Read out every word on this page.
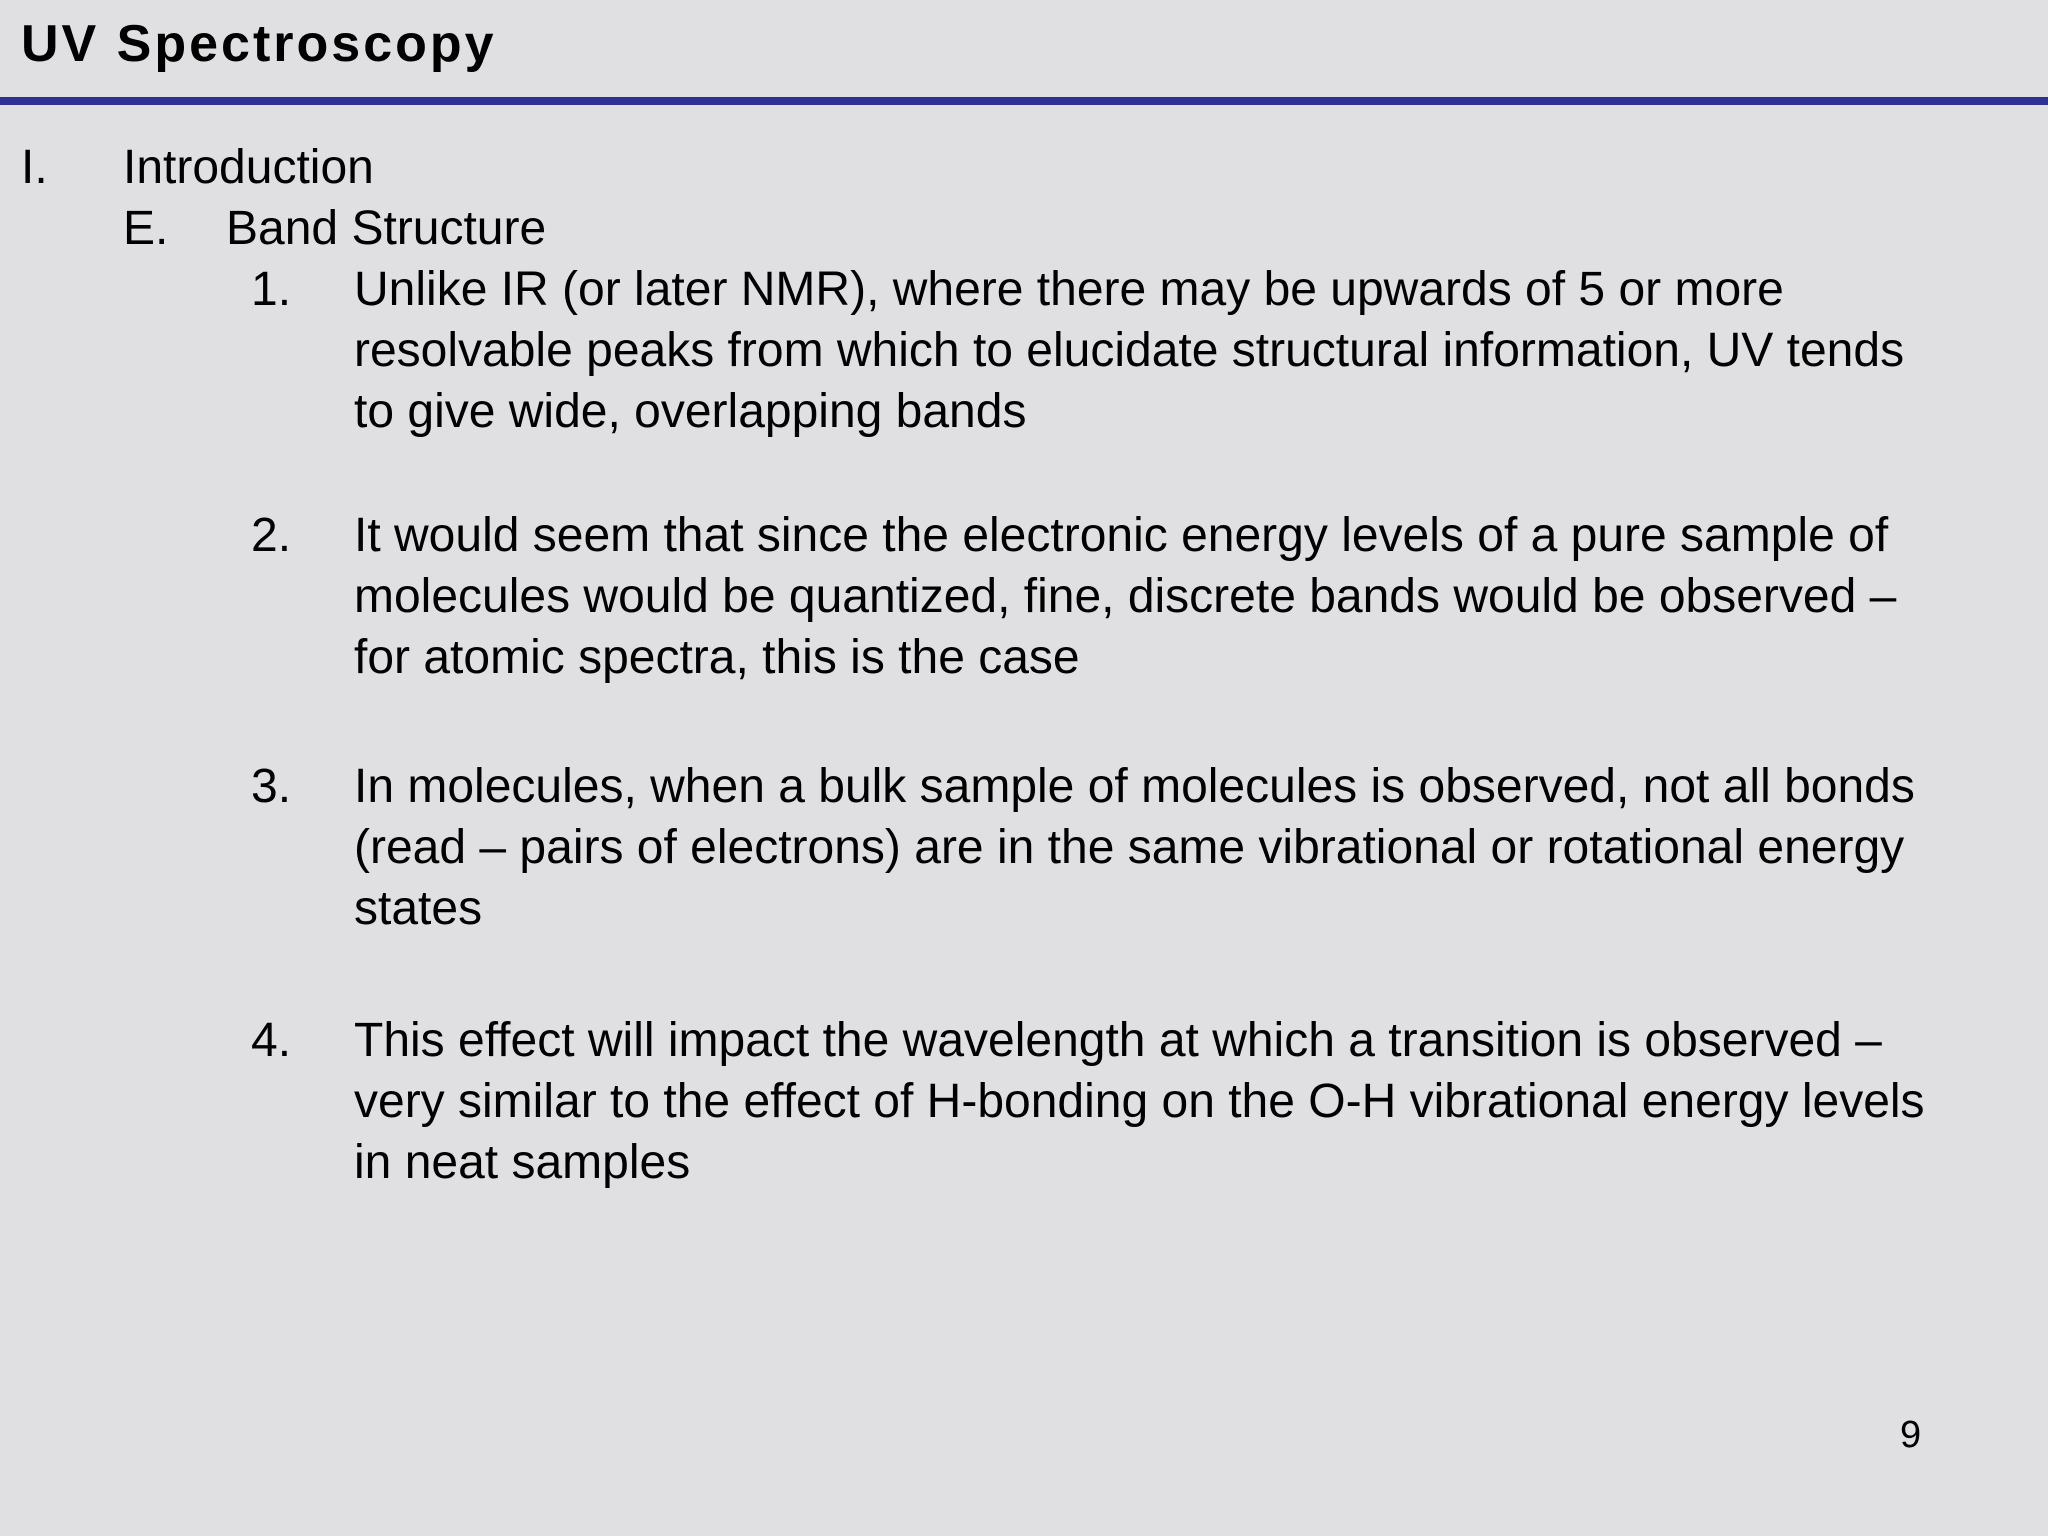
UV Spectroscopy
I. Introduction
E. Band Structure
1. Unlike IR (or later NMR), where there may be upwards of 5 or more
resolvable peaks from which to elucidate structural information, UV tends
to give wide, overlapping bands
2. It would seem that since the electronic energy levels of a pure sample of
molecules would be quantized, fine, discrete bands would be observed –
for atomic spectra, this is the case
3. In molecules, when a bulk sample of molecules is observed, not all bonds
(read – pairs of electrons) are in the same vibrational or rotational energy
states
4. This effect will impact the wavelength at which a transition is observed –
very similar to the effect of H-bonding on the O-H vibrational energy levels
in neat samples
9
